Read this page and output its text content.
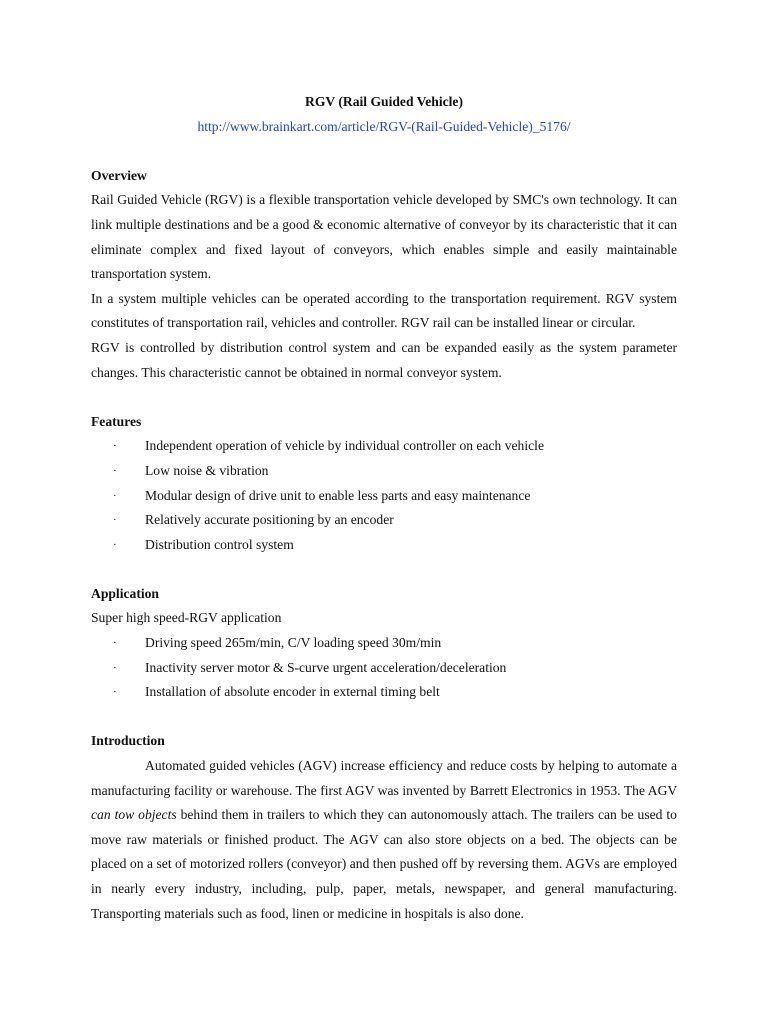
RGV (Rail Guided Vehicle)

http://www.brainkart.com/article/RGV-(Rail-Guided-Vehicle)_5176/

Overview

Rail Guided Vehicle (RGV) is a flexible transportation vehicle developed by SMC's own technology. It can link multiple destinations and be a good & economic alternative of conveyor by its characteristic that it can eliminate complex and fixed layout of conveyors, which enables simple and easily maintainable transportation system.

In a system multiple vehicles can be operated according to the transportation requirement. RGV system constitutes of transportation rail, vehicles and controller. RGV rail can be installed linear or circular.

RGV is controlled by distribution control system and can be expanded easily as the system parameter changes. This characteristic cannot be obtained in normal conveyor system.

Features

· Independent operation of vehicle by individual controller on each vehicle
· Low noise & vibration
· Modular design of drive unit to enable less parts and easy maintenance
· Relatively accurate positioning by an encoder
· Distribution control system

Application

Super high speed-RGV application

· Driving speed 265m/min, C/V loading speed 30m/min
· Inactivity server motor & S-curve urgent acceleration/deceleration
· Installation of absolute encoder in external timing belt

Introduction

Automated guided vehicles (AGV) increase efficiency and reduce costs by helping to automate a manufacturing facility or warehouse. The first AGV was invented by Barrett Electronics in 1953. The AGV can tow objects behind them in trailers to which they can autonomously attach. The trailers can be used to move raw materials or finished product. The AGV can also store objects on a bed. The objects can be placed on a set of motorized rollers (conveyor) and then pushed off by reversing them. AGVs are employed in nearly every industry, including, pulp, paper, metals, newspaper, and general manufacturing. Transporting materials such as food, linen or medicine in hospitals is also done.
